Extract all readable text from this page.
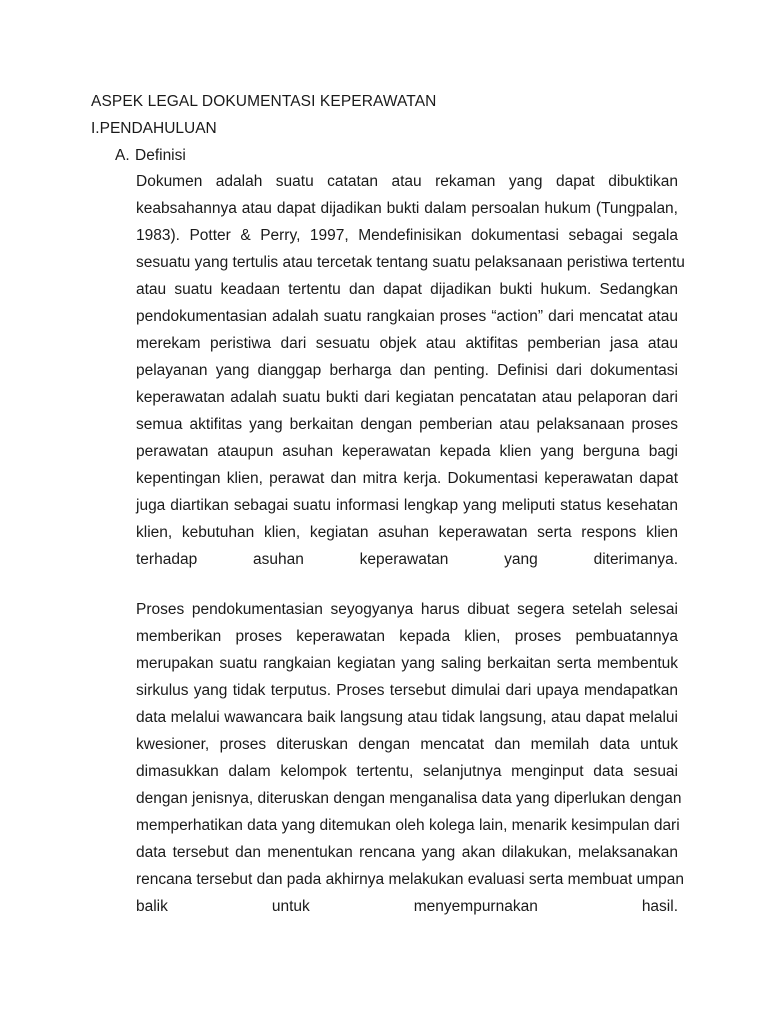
ASPEK LEGAL DOKUMENTASI KEPERAWATAN
I.PENDAHULUAN
A. Definisi
Dokumen adalah suatu catatan atau rekaman yang dapat dibuktikan
keabsahannya atau dapat dijadikan bukti dalam persoalan hukum (Tungpalan,
1983). Potter & Perry, 1997, Mendefinisikan dokumentasi sebagai segala
sesuatu yang tertulis atau tercetak tentang suatu pelaksanaan peristiwa tertentu
atau suatu keadaan tertentu dan dapat dijadikan bukti hukum. Sedangkan
pendokumentasian adalah suatu rangkaian proses “action” dari mencatat atau
merekam peristiwa dari sesuatu objek atau aktifitas pemberian jasa atau
pelayanan yang dianggap berharga dan penting. Definisi dari dokumentasi
keperawatan adalah suatu bukti dari kegiatan pencatatan atau pelaporan dari
semua aktifitas yang berkaitan dengan pemberian atau pelaksanaan proses
perawatan ataupun asuhan keperawatan kepada klien yang berguna bagi
kepentingan klien, perawat dan mitra kerja. Dokumentasi keperawatan dapat
juga diartikan sebagai suatu informasi lengkap yang meliputi status kesehatan
klien, kebutuhan klien, kegiatan asuhan keperawatan serta respons klien
terhadap asuhan keperawatan yang diterimanya.
Proses pendokumentasian seyogyanya harus dibuat segera setelah selesai
memberikan proses keperawatan kepada klien, proses pembuatannya
merupakan suatu rangkaian kegiatan yang saling berkaitan serta membentuk
sirkulus yang tidak terputus. Proses tersebut dimulai dari upaya mendapatkan
data melalui wawancara baik langsung atau tidak langsung, atau dapat melalui
kwesioner, proses diteruskan dengan mencatat dan memilah data untuk
dimasukkan dalam kelompok tertentu, selanjutnya menginput data sesuai
dengan jenisnya, diteruskan dengan menganalisa data yang diperlukan dengan
memperhatikan data yang ditemukan oleh kolega lain, menarik kesimpulan dari
data tersebut dan menentukan rencana yang akan dilakukan, melaksanakan
rencana tersebut dan pada akhirnya melakukan evaluasi serta membuat umpan
balik untuk menyempurnakan hasil.
